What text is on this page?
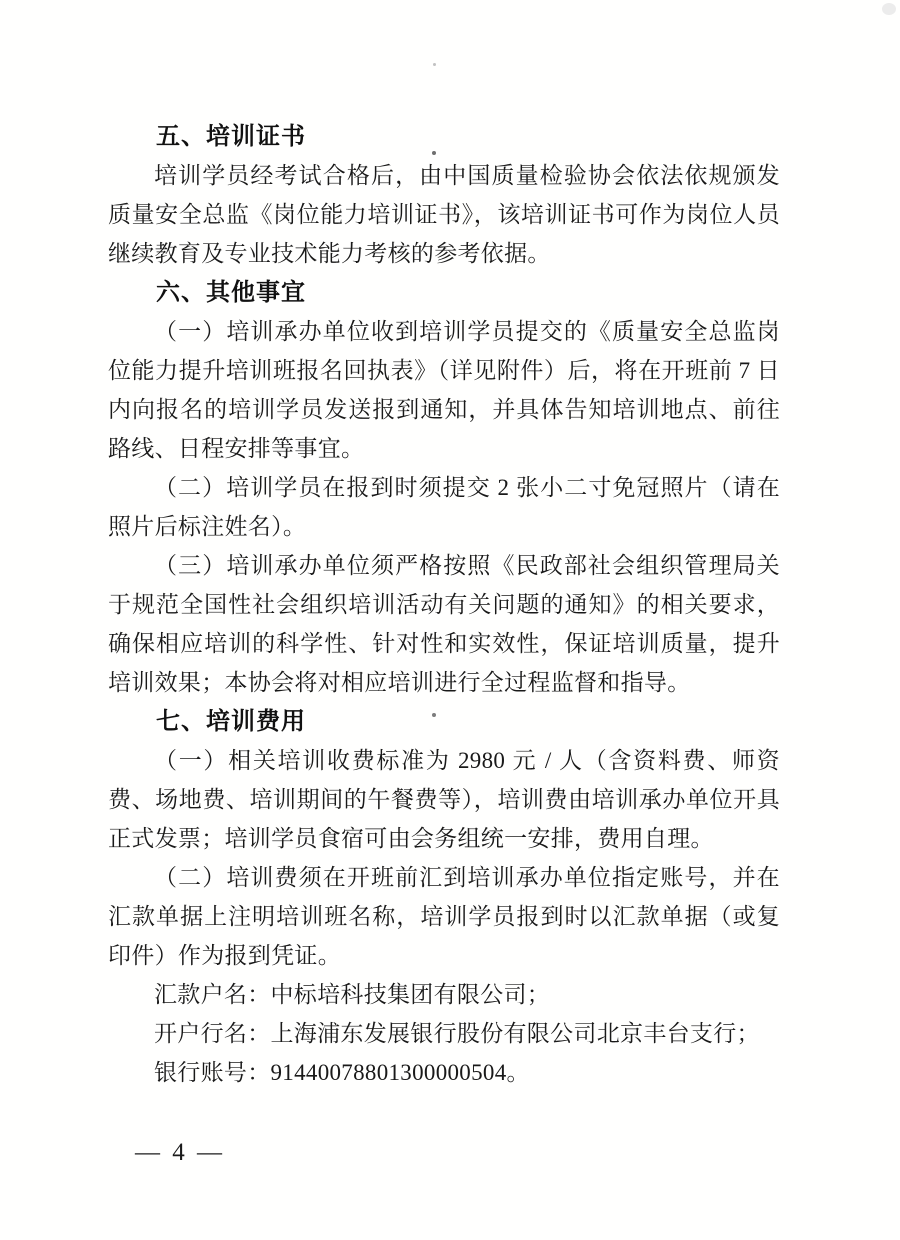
五、培训证书

培训学员经考试合格后，由中国质量检验协会依法依规颁发质量安全总监《岗位能力培训证书》，该培训证书可作为岗位人员继续教育及专业技术能力考核的参考依据。

六、其他事宜

（一）培训承办单位收到培训学员提交的《质量安全总监岗位能力提升培训班报名回执表》（详见附件）后，将在开班前 7 日内向报名的培训学员发送报到通知，并具体告知培训地点、前往路线、日程安排等事宜。

（二）培训学员在报到时须提交 2 张小二寸免冠照片（请在照片后标注姓名）。

（三）培训承办单位须严格按照《民政部社会组织管理局关于规范全国性社会组织培训活动有关问题的通知》的相关要求，确保相应培训的科学性、针对性和实效性，保证培训质量，提升培训效果；本协会将对相应培训进行全过程监督和指导。

七、培训费用

（一）相关培训收费标准为 2980 元 / 人（含资料费、师资费、场地费、培训期间的午餐费等），培训费由培训承办单位开具正式发票；培训学员食宿可由会务组统一安排，费用自理。

（二）培训费须在开班前汇到培训承办单位指定账号，并在汇款单据上注明培训班名称，培训学员报到时以汇款单据（或复印件）作为报到凭证。

汇款户名：中标培科技集团有限公司；

开户行名：上海浦东发展银行股份有限公司北京丰台支行；

银行账号：91440078801300000504。

— 4 —
